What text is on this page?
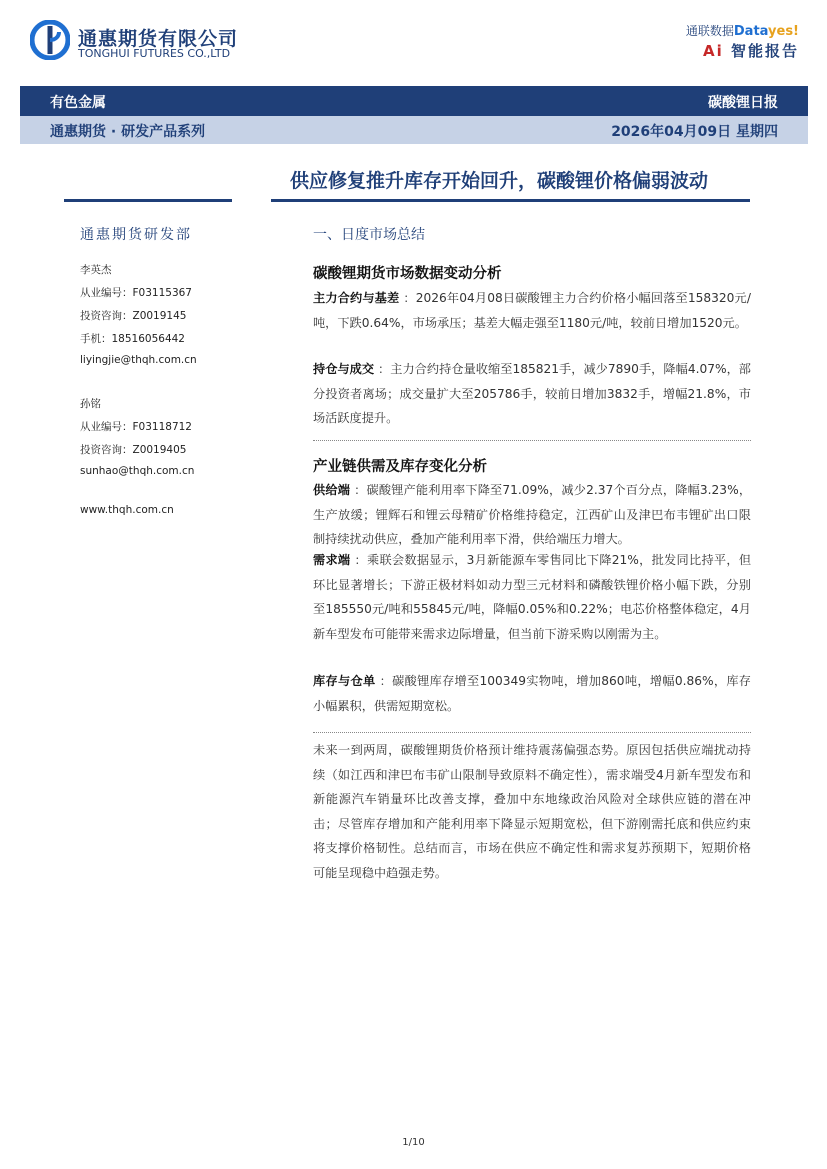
通惠期货有限公司
TONGHUI FUTURES CO.,LTD
通联数据Datayes!
Ai 智能报告
有色金属	碳酸锂日报
通惠期货 · 研发产品系列	2026年04月09日 星期四
供应修复推升库存开始回升，碳酸锂价格偏弱波动
通惠期货研发部
李英杰
从业编号：F03115367
投资咨询：Z0019145
手机：18516056442
liyingjie@thqh.com.cn
孙铭
从业编号：F03118712
投资咨询：Z0019405
sunhao@thqh.com.cn
www.thqh.com.cn
一、日度市场总结
碳酸锂期货市场数据变动分析
主力合约与基差 ：2026年04月08日碳酸锂主力合约价格小幅回落至158320元/吨，下跌0.64%，市场承压；基差大幅走强至1180元/吨，较前日增加1520元。
持仓与成交 ：主力合约持仓量收缩至185821手，减少7890手，降幅4.07%，部分投资者离场；成交量扩大至205786手，较前日增加3832手，增幅21.8%，市场活跃度提升。
产业链供需及库存变化分析
供给端 ：碳酸锂产能利用率下降至71.09%，减少2.37个百分点，降幅3.23%，生产放缓；锂辉石和锂云母精矿价格维持稳定，江西矿山及津巴布韦锂矿出口限制持续扰动供应，叠加产能利用率下滑，供给端压力增大。
需求端 ：乘联会数据显示，3月新能源车零售同比下降21%，批发同比持平，但环比显著增长；下游正极材料如动力型三元材料和磷酸铁锂价格小幅下跌，分别至185550元/吨和55845元/吨，降幅0.05%和0.22%；电芯价格整体稳定，4月新车型发布可能带来需求边际增量，但当前下游采购以刚需为主。
库存与仓单 ：碳酸锂库存增至100349实物吨，增加860吨，增幅0.86%，库存小幅累积，供需短期宽松。
未来一到两周，碳酸锂期货价格预计维持震荡偏强态势。原因包括供应端扰动持续（如江西和津巴布韦矿山限制导致原料不确定性），需求端受4月新车型发布和新能源汽车销量环比改善支撑，叠加中东地缘政治风险对全球供应链的潜在冲击；尽管库存增加和产能利用率下降显示短期宽松，但下游刚需托底和供应约束将支撑价格韧性。总结而言，市场在供应不确定性和需求复苏预期下，短期价格可能呈现稳中趋强走势。
1/10
